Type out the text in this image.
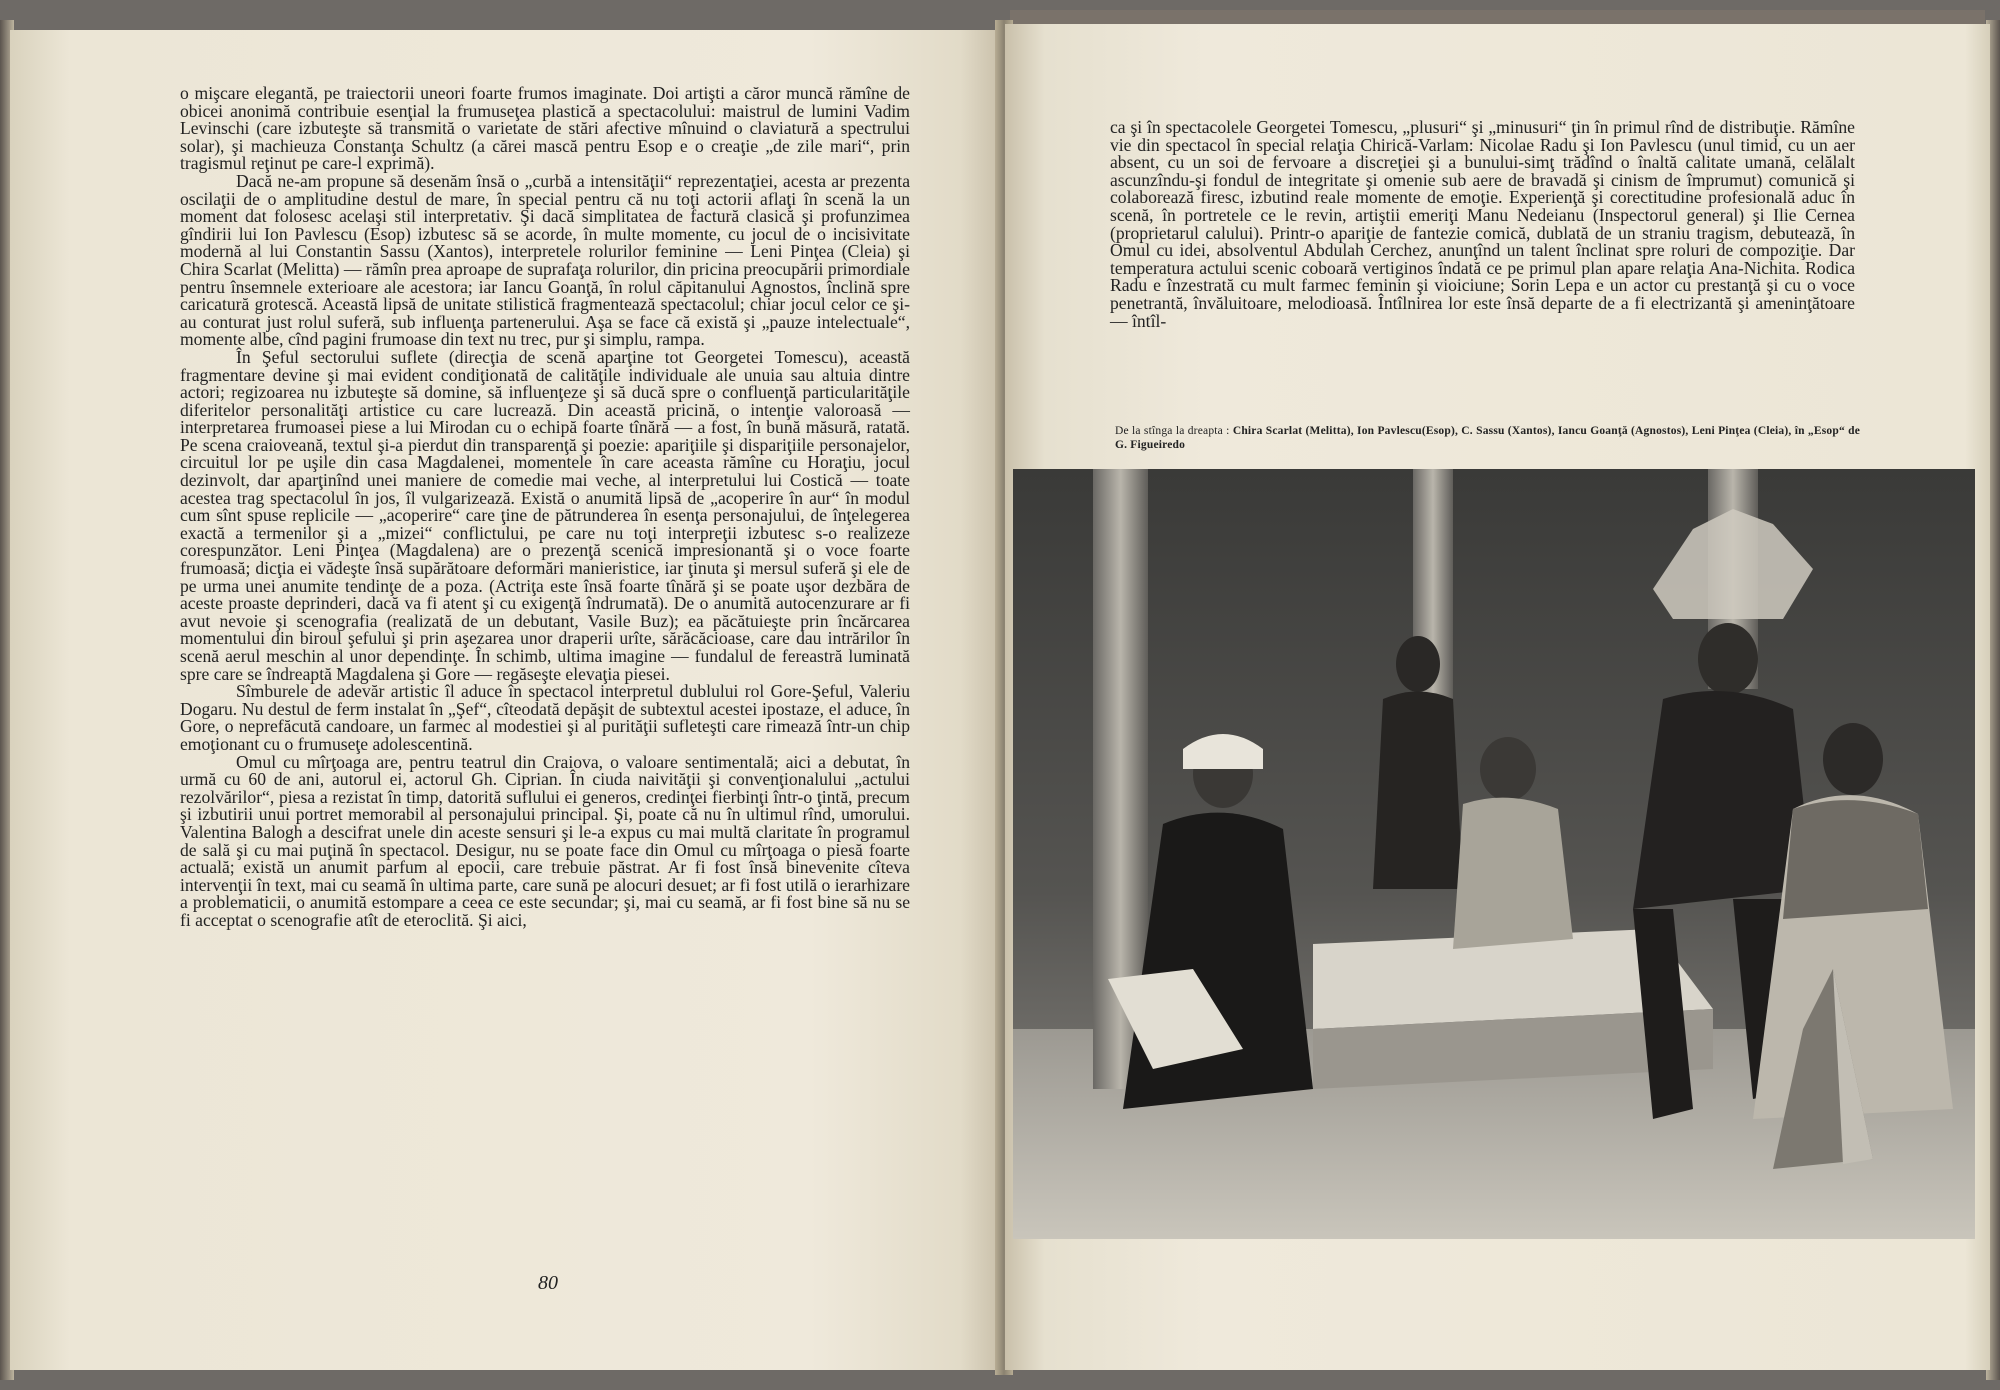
o mişcare elegantă, pe traiectorii uneori foarte frumos imaginate. Doi artişti a căror muncă rămîne de obicei anonimă contribuie esenţial la frumuseţea plastică a spectacolului: maistrul de lumini Vadim Levinschi (care izbuteşte să transmită o varietate de stări afective mînuind o claviatură a spectrului solar), şi machieuza Constanţa Schultz (a cărei mască pentru Esop e o creaţie „de zile mari“, prin tragismul reţinut pe care-l exprimă).

Dacă ne-am propune să desenăm însă o „curbă a intensităţii“ reprezentaţiei, acesta ar prezenta oscilaţii de o amplitudine destul de mare, în special pentru că nu toţi actorii aflaţi în scenă la un moment dat folosesc acelaşi stil interpretativ. Şi dacă simplitatea de factură clasică şi profunzimea gîndirii lui Ion Pavlescu (Esop) izbutesc să se acorde, în multe momente, cu jocul de o incisivitate modernă al lui Constantin Sassu (Xantos), interpretele rolurilor feminine — Leni Pinţea (Cleia) şi Chira Scarlat (Melitta) — rămîn prea aproape de suprafaţa rolurilor, din pricina preocupării primordiale pentru însemnele exterioare ale acestora; iar Iancu Goanţă, în rolul căpitanului Agnostos, înclină spre caricatură grotescă. Această lipsă de unitate stilistică fragmentează spectacolul; chiar jocul celor ce şi-au conturat just rolul suferă, sub influenţa partenerului. Aşa se face că există şi „pauze intelectuale“, momente albe, cînd pagini frumoase din text nu trec, pur şi simplu, rampa.

În Şeful sectorului suflete (direcţia de scenă aparţine tot Georgetei Tomescu), această fragmentare devine şi mai evident condiţionată de calităţile individuale ale unuia sau altuia dintre actori; regizoarea nu izbuteşte să domine, să influenţeze şi să ducă spre o confluenţă particularităţile diferitelor personalităţi artistice cu care lucrează. Din această pricină, o intenţie valoroasă — interpretarea frumoasei piese a lui Mirodan cu o echipă foarte tînără — a fost, în bună măsură, ratată. Pe scena craioveană, textul şi-a pierdut din transparenţă şi poezie: apariţiile şi dispariţiile personajelor, circuitul lor pe uşile din casa Magdalenei, momentele în care aceasta rămîne cu Horaţiu, jocul dezinvolt, dar aparţinînd unei maniere de comedie mai veche, al interpretului lui Costică — toate acestea trag spectacolul în jos, îl vulgarizează. Există o anumită lipsă de „acoperire în aur“ în modul cum sînt spuse replicile — „acoperire“ care ţine de pătrunderea în esenţa personajului, de înţelegerea exactă a termenilor şi a „mizei“ conflictului, pe care nu toţi interpreţii izbutesc s-o realizeze corespunzător. Leni Pinţea (Magdalena) are o prezenţă scenică impresionantă şi o voce foarte frumoasă; dicţia ei vădeşte însă supărătoare deformări manieristice, iar ţinuta şi mersul suferă şi ele de pe urma unei anumite tendinţe de a poza. (Actriţa este însă foarte tînără şi se poate uşor dezbăra de aceste proaste deprinderi, dacă va fi atent şi cu exigenţă îndrumată). De o anumită autocenzurare ar fi avut nevoie şi scenografia (realizată de un debutant, Vasile Buz); ea păcătuieşte prin încărcarea momentului din biroul şefului şi prin aşezarea unor draperii urîte, sărăcăcioase, care dau intrărilor în scenă aerul meschin al unor dependinţe. În schimb, ultima imagine — fundalul de fereastră luminată spre care se îndreaptă Magdalena şi Gore — regăseşte elevaţia piesei.

Sîmburele de adevăr artistic îl aduce în spectacol interpretul dublului rol Gore-Şeful, Valeriu Dogaru. Nu destul de ferm instalat în „Şef“, cîteodată depăşit de subtextul acestei ipostaze, el aduce, în Gore, o neprefăcută candoare, un farmec al modestiei şi al purităţii sufleteşti care rimează într-un chip emoţionant cu o frumuseţe adolescentină.

Omul cu mîrţoaga are, pentru teatrul din Craiova, o valoare sentimentală; aici a debutat, în urmă cu 60 de ani, autorul ei, actorul Gh. Ciprian. În ciuda naivităţii şi convenţionalului „actului rezolvărilor“, piesa a rezistat în timp, datorită suflului ei generos, credinţei fierbinţi într-o ţintă, precum şi izbutirii unui portret memorabil al personajului principal. Şi, poate că nu în ultimul rînd, umorului. Valentina Balogh a descifrat unele din aceste sensuri şi le-a expus cu mai multă claritate în programul de sală şi cu mai puţină în spectacol. Desigur, nu se poate face din Omul cu mîrţoaga o piesă foarte actuală; există un anumit parfum al epocii, care trebuie păstrat. Ar fi fost însă binevenite cîteva intervenţii în text, mai cu seamă în ultima parte, care sună pe alocuri desuet; ar fi fost utilă o ierarhizare a problematicii, o anumită estompare a ceea ce este secundar; şi, mai cu seamă, ar fi fost bine să nu se fi acceptat o scenografie atît de eteroclită. Şi aici,

80
ca şi în spectacolele Georgetei Tomescu, „plusuri“ şi „minusuri“ ţin în primul rînd de distribuţie. Rămîne vie din spectacol în special relaţia Chirică-Varlam: Nicolae Radu şi Ion Pavlescu (unul timid, cu un aer absent, cu un soi de fervoare a discreţiei şi a bunului-simţ trădînd o înaltă calitate umană, celălalt ascunzîndu-şi fondul de integritate şi omenie sub aere de bravadă şi cinism de împrumut) comunică şi colaborează firesc, izbutind reale momente de emoţie. Experienţă şi corectitudine profesională aduc în scenă, în portretele ce le revin, artiştii emeriţi Manu Nedeianu (Inspectorul general) şi Ilie Cernea (proprietarul calului). Printr-o apariţie de fantezie comică, dublată de un straniu tragism, debutează, în Omul cu idei, absolventul Abdulah Cerchez, anunţînd un talent înclinat spre roluri de compoziţie. Dar temperatura actului scenic coboară vertiginos îndată ce pe primul plan apare relaţia Ana-Nichita. Rodica Radu e înzestrată cu mult farmec feminin şi vioiciune; Sorin Lepa e un actor cu prestanţă şi cu o voce penetrantă, învăluitoare, melodioasă. Întîlnirea lor este însă departe de a fi electrizantă şi ameninţătoare — întîl-
De la stînga la dreapta : Chira Scarlat (Melitta), Ion Pavlescu(Esop), C. Sassu (Xantos), Iancu Goanţă (Agnostos), Leni Pinţea (Cleia), în „Esop“ de G. Figueiredo
